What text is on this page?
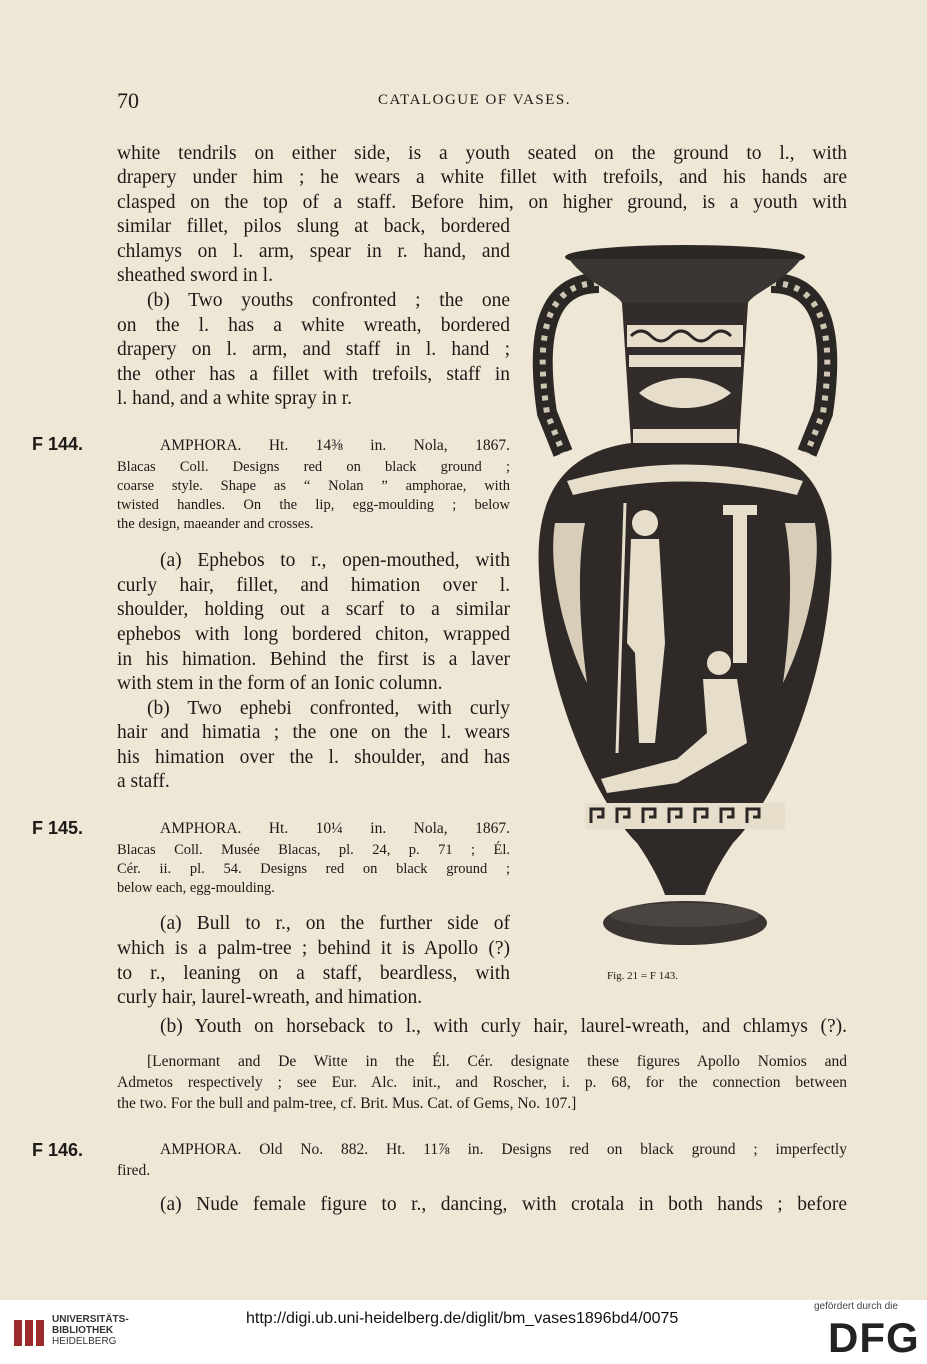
70	CATALOGUE OF VASES.
white tendrils on either side, is a youth seated on the ground to l., with
drapery under him ; he wears a white fillet with trefoils, and his hands are
clasped on the top of a staff. Before him, on higher ground, is a youth with
similar fillet, pilos slung at back, bordered
chlamys on l. arm, spear in r. hand, and
sheathed sword in l.
(b) Two youths confronted ; the one
on the l. has a white wreath, bordered
drapery on l. arm, and staff in l. hand ;
the other has a fillet with trefoils, staff in
l. hand, and a white spray in r.
F 144.	AMPHORA. Ht. 14⅜ in. Nola, 1867.
Blacas Coll. Designs red on black ground ;
coarse style. Shape as “ Nolan ” amphorae, with
twisted handles. On the lip, egg-moulding ; below
the design, maeander and crosses.
(a) Ephebos to r., open-mouthed, with
curly hair, fillet, and himation over l.
shoulder, holding out a scarf to a similar
ephebos with long bordered chiton, wrapped
in his himation. Behind the first is a laver
with stem in the form of an Ionic column.
(b) Two ephebi confronted, with curly
hair and himatia ; the one on the l. wears
his himation over the l. shoulder, and has
a staff.
F 145.	AMPHORA. Ht. 10¼ in. Nola, 1867.
Blacas Coll. Musée Blacas, pl. 24, p. 71 ; Él.
Cér. ii. pl. 54. Designs red on black ground ;
below each, egg-moulding.
(a) Bull to r., on the further side of
which is a palm-tree ; behind it is Apollo (?)
to r., leaning on a staff, beardless, with
curly hair, laurel-wreath, and himation.
(b) Youth on horseback to l., with curly hair, laurel-wreath, and chlamys (?).
[Lenormant and De Witte in the Él. Cér. designate these figures Apollo Nomios and
Admetos respectively ; see Eur. Alc. init., and Roscher, i. p. 68, for the connection between
the two. For the bull and palm-tree, cf. Brit. Mus. Cat. of Gems, No. 107.]
F 146.	AMPHORA. Old No. 882. Ht. 11⅞ in. Designs red on black ground ; imperfectly
fired.
(a) Nude female figure to r., dancing, with crotala in both hands ; before
Fig. 21 = F 143.
UNIVERSITÄTS-
BIBLIOTHEK
HEIDELBERG
http://digi.ub.uni-heidelberg.de/diglit/bm_vases1896bd4/0075
gefördert durch die
DFG
